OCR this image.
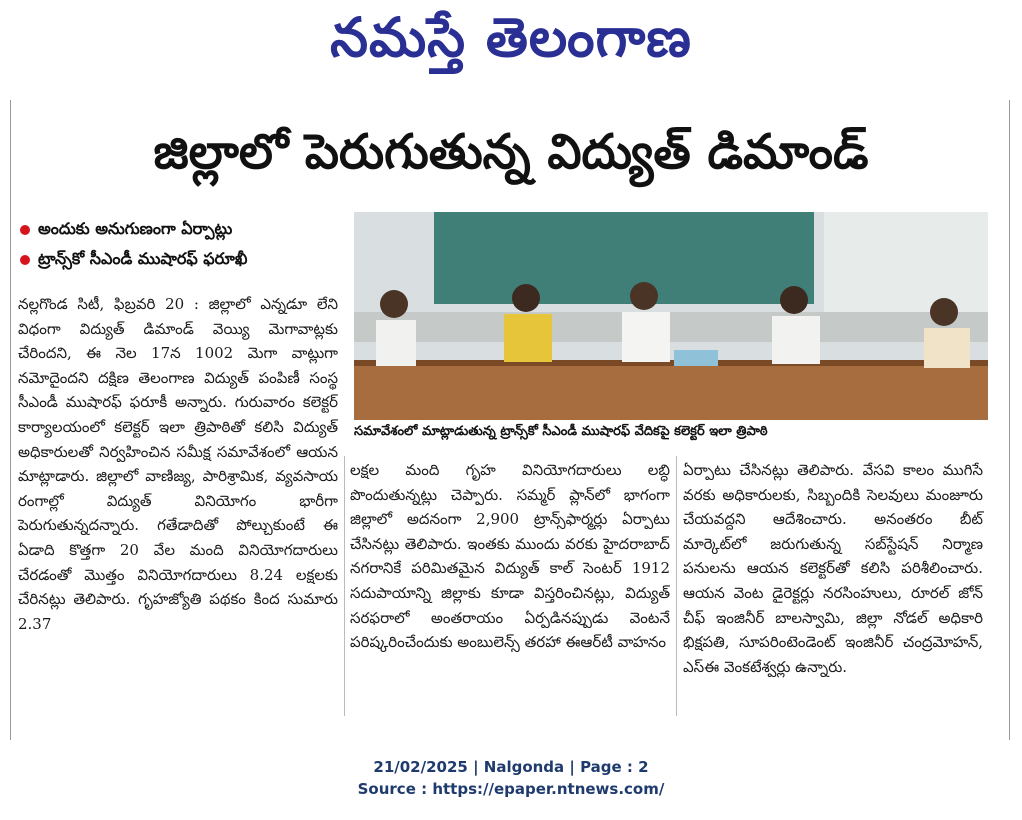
నమస్తే తెలంగాణ
జిల్లాలో పెరుగుతున్న విద్యుత్ డిమాండ్
అందుకు అనుగుణంగా ఏర్పాట్లు
ట్రాన్స్‌కో సీఎండీ ముషారఫ్ ఫరూఖీ
సమావేశంలో మాట్లాడుతున్న ట్రాన్స్‌కో సీఎండీ ముషారఫ్ వేదికపై కలెక్టర్ ఇలా త్రిపాఠి

నల్లగొండ సిటీ, ఫిబ్రవరి 20 : జిల్లాలో ఎన్నడూ లేని విధంగా విద్యుత్ డిమాండ్ వెయ్యి మెగావాట్లకు చేరిందని, ఈ నెల 17న 1002 మెగా వాట్లుగా నమోదైందని దక్షిణ తెలంగాణ విద్యుత్ పంపిణీ సంస్థ సీఎండీ ముషారఫ్ ఫరూకీ అన్నారు. గురువారం కలెక్టర్ కార్యాలయంలో కలెక్టర్ ఇలా త్రిపాఠితో కలిసి విద్యుత్ అధికారులతో నిర్వహించిన సమీక్ష సమావేశంలో ఆయన మాట్లాడారు. జిల్లాలో వాణిజ్య, పారిశ్రామిక, వ్యవసాయ రంగాల్లో విద్యుత్ వినియోగం భారీగా పెరుగుతున్నదన్నారు. గతేడాదితో పోల్చుకుంటే ఈ ఏడాది కొత్తగా 20 వేల మంది వినియోగదారులు చేరడంతో మొత్తం వినియోగదారులు 8.24 లక్షలకు చేరినట్లు తెలిపారు. గృహజ్యోతి పథకం కింద సుమారు 2.37

లక్షల మంది గృహ వినియోగదారులు లబ్ధి పొందుతున్నట్లు చెప్పారు. సమ్మర్ ప్లాన్‌లో భాగంగా జిల్లాలో అదనంగా 2,900 ట్రాన్స్‌ఫార్మర్లు ఏర్పాటు చేసినట్లు తెలిపారు. ఇంతకు ముందు వరకు హైదరాబాద్ నగరానికే పరిమితమైన విద్యుత్ కాల్ సెంటర్ 1912 సదుపాయాన్ని జిల్లాకు కూడా విస్తరించినట్లు, విద్యుత్ సరఫరాలో అంతరాయం ఏర్పడినప్పుడు వెంటనే పరిష్కరించేందుకు అంబులెన్స్ తరహా ఈఆర్‌టీ వాహనం

ఏర్పాటు చేసినట్లు తెలిపారు. వేసవి కాలం ముగిసే వరకు అధికారులకు, సిబ్బందికి సెలవులు మంజూరు చేయవద్దని ఆదేశించారు. అనంతరం బీట్ మార్కెట్‌లో జరుగుతున్న సబ్‌స్టేషన్ నిర్మాణ పనులను ఆయన కలెక్టర్‌తో కలిసి పరిశీలించారు. ఆయన వెంట డైరెక్టర్లు నరసింహులు, రూరల్ జోన్ చీఫ్ ఇంజినీర్ బాలస్వామి, జిల్లా నోడల్ అధికారి భిక్షపతి, సూపరింటెండెంట్ ఇంజినీర్ చంద్రమోహన్, ఎస్‌ఈ వెంకటేశ్వర్లు ఉన్నారు.

21/02/2025 | Nalgonda | Page : 2
Source : https://epaper.ntnews.com/
